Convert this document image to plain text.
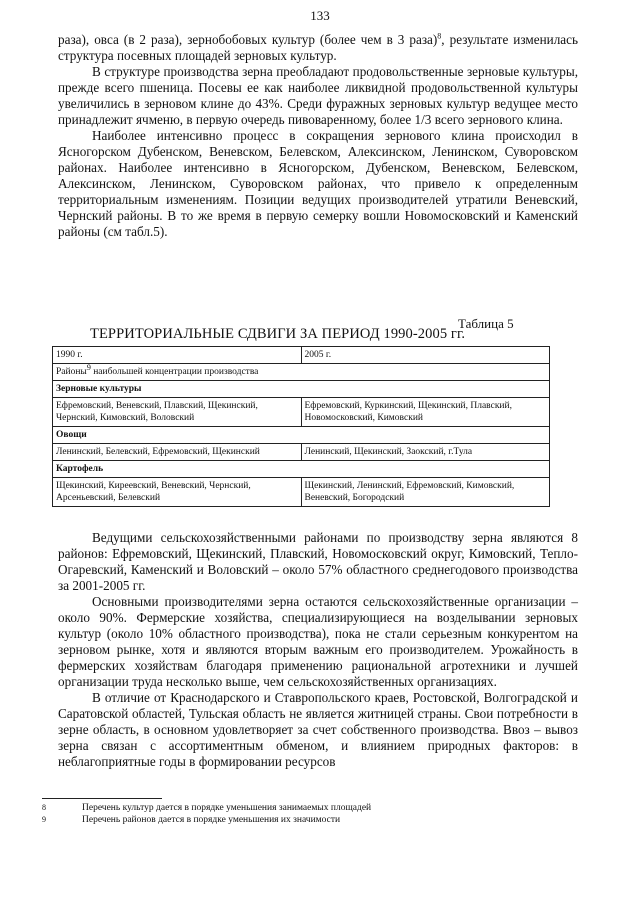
133

раза), овса (в 2 раза), зернобобовых культур (более чем в 3 раза)$^8$, результате изменилась структура посевных площадей зерновых культур.

В структуре производства зерна преобладают продовольственные зерновые культуры, прежде всего пшеница. Посевы ее как наиболее ликвидной продовольственной культуры увеличились в зерновом клине до 43%. Среди фуражных зерновых культур ведущее место принадлежит ячменю, в первую очередь пивоваренному, более 1/3 всего зернового клина.

Наиболее интенсивно процесс в сокращения зернового клина происходил в Ясногорском Дубенском, Веневском, Белевском, Алексинском, Ленинском, Суворовском районах. Наиболее интенсивно в Ясногорском, Дубенском, Веневском, Белевском, Алексинском, Ленинском, Суворовском районах, что привело к определенным территориальным изменениям. Позиции ведущих производителей утратили Веневский, Чернский районы. В то же время в первую семерку вошли Новомосковский и Каменский районы (см табл.5).

Таблица 5
ТЕРРИТОРИАЛЬНЫЕ СДВИГИ ЗА ПЕРИОД 1990-2005 гг.
1990 г.	2005 г.
Районы$^9$ наибольшей концентрации производства	
Зерновые культуры	
Ефремовский, Веневский, Плавский, Щекинский, Чернский, Кимовский, Воловский	Ефремовский, Куркинский, Щекинский, Плавский, Новомосковский, Кимовский
Овощи	
Ленинский, Белевский, Ефремовский, Щекинский	Ленинский, Щекинский, Заокский, г.Тула
Картофель	
Щекинский, Киреевский, Веневский, Чернский, Арсеньевский, Белевский	Щекинский, Ленинский, Ефремовский, Кимовский, Веневский, Богородский

Ведущими сельскохозяйственными районами по производству зерна являются 8 районов: Ефремовский, Щекинский, Плавский, Новомосковский округ, Кимовский, Тепло-Огаревский, Каменский и Воловский – около 57% областного среднегодового производства за 2001-2005 гг.

Основными производителями зерна остаются сельскохозяйственные организации – около 90%. Фермерские хозяйства, специализирующиеся на возделывании зерновых культур (около 10% областного производства), пока не стали серьезным конкурентом на зерновом рынке, хотя и являются вторым важным его производителем. Урожайность в фермерских хозяйствам благодаря применению рациональной агротехники и лучшей организации труда несколько выше, чем сельскохозяйственных организациях.

В отличие от Краснодарского и Ставропольского краев, Ростовской, Волгоградской и Саратовской областей, Тульская область не является житницей страны. Свои потребности в зерне область, в основном удовлетворяет за счет собственного производства. Ввоз – вывоз зерна связан с ассортиментным обменом, и влиянием природных факторов: в неблагоприятные годы в формировании ресурсов

8	Перечень культур дается в порядке уменьшения занимаемых площадей
9	Перечень районов дается в порядке уменьшения их значимости
